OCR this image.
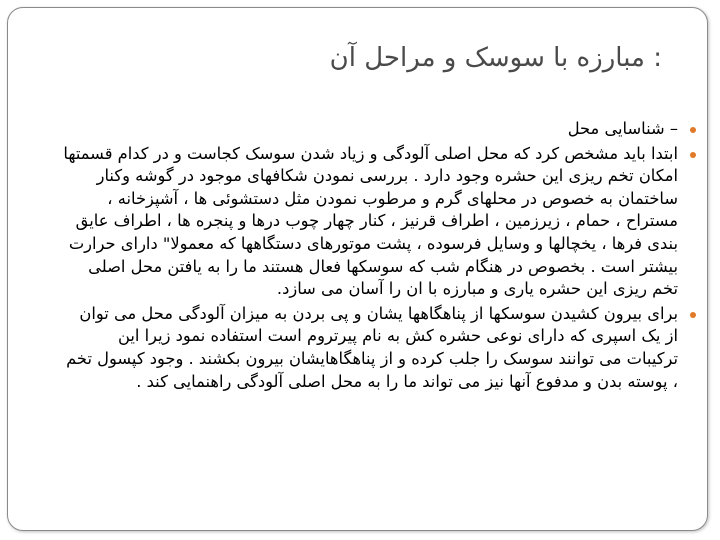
: مبارزه با سوسک و مراحل آن
– شناسایی محل
ابتدا باید مشخص کرد که محل اصلی آلودگی و زیاد شدن سوسک کجاست و در کدام قسمتها امکان تخم ریزی این حشره وجود دارد . بررسی نمودن شکافهای موجود در گوشه وکنار ساختمان به خصوص در محلهای گرم و مرطوب نمودن مثل دستشوئی ها ، آشپزخانه ، مستراح ، حمام ، زیرزمین ، اطراف قرنیز ، کنار چهار چوب درها و پنجره ها ، اطراف عایق بندی فرها ، یخچالها و وسایل فرسوده ، پشت موتورهای دستگاهها که معمولا" دارای حرارت بیشتر است . بخصوص در هنگام شب که سوسکها فعال هستند ما را به یافتن محل اصلی تخم ریزی این حشره یاری و مبارزه با ان را آسان می سازد.
برای بیرون کشیدن سوسکها از پناهگاهها یشان و پی بردن به میزان آلودگی محل می توان از یک اسپری که دارای نوعی حشره کش به نام پیرتروم است استفاده نمود زیرا این ترکیبات می توانند سوسک را جلب کرده و از پناهگاهایشان بیرون بکشند . وجود کپسول تخم ، پوسته بدن و مدفوع آنها نیز می تواند ما را به محل اصلی آلودگی راهنمایی کند .
